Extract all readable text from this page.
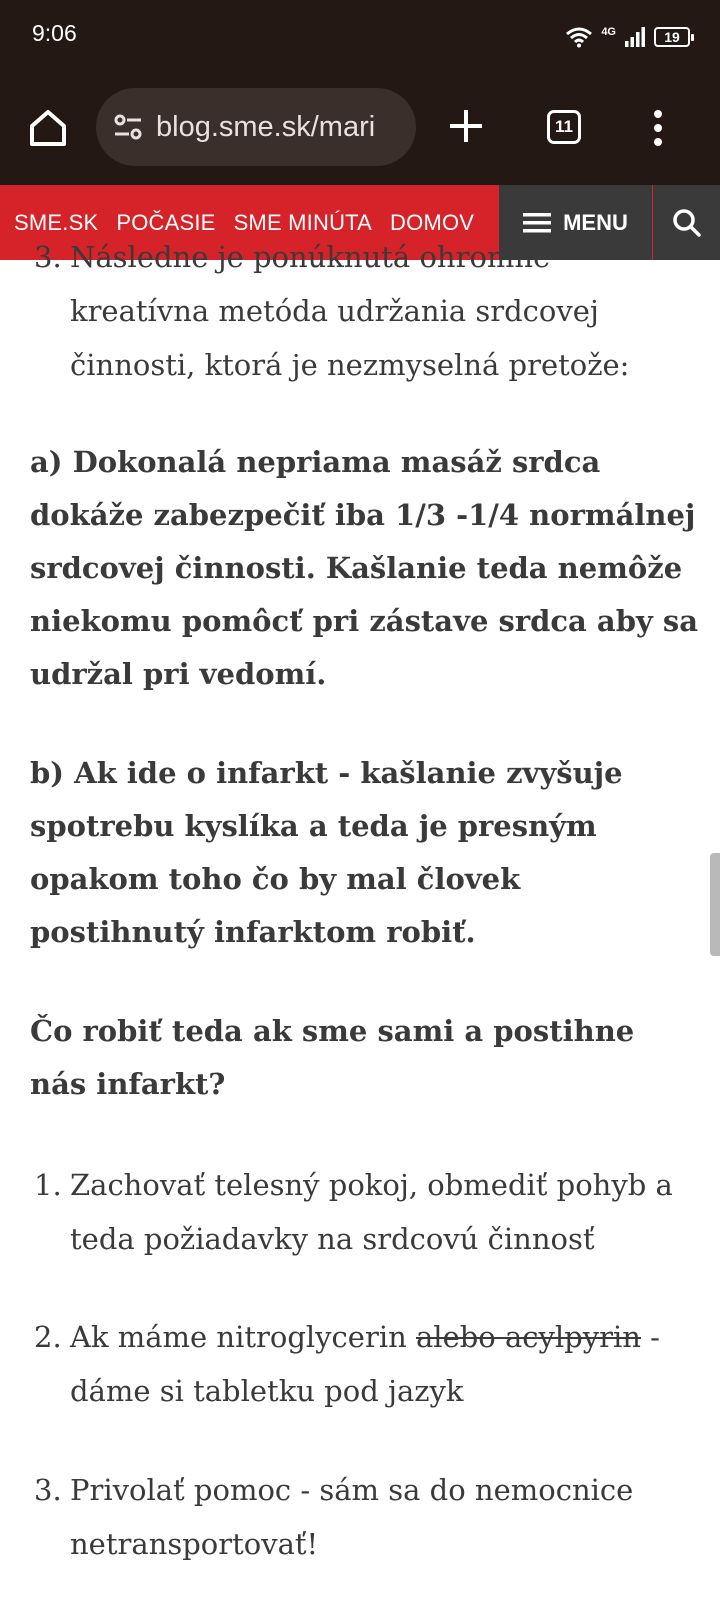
9:06	4G	19
blog.sme.sk/mari	11
SME.SK POČASIE SME MINÚTA DOMOV	MENU
3. Následne je ponúknutá ohromne kreatívna metóda udržania srdcovej činnosti, ktorá je nezmyselná pretože:
a) Dokonalá nepriama masáž srdca dokáže zabezpečiť iba 1/3 -1/4 normálnej srdcovej činnosti. Kašlanie teda nemôže niekomu pomôcť pri zástave srdca aby sa udržal pri vedomí.
b) Ak ide o infarkt - kašlanie zvyšuje spotrebu kyslíka a teda je presným opakom toho čo by mal človek postihnutý infarktom robiť.
Čo robiť teda ak sme sami a postihne nás infarkt?
1. Zachovať telesný pokoj, obmediť pohyb a teda požiadavky na srdcovú činnosť
2. Ak máme nitroglycerin alebo acylpyrin - dáme si tabletku pod jazyk
3. Privolať pomoc - sám sa do nemocnice netransportovať!
